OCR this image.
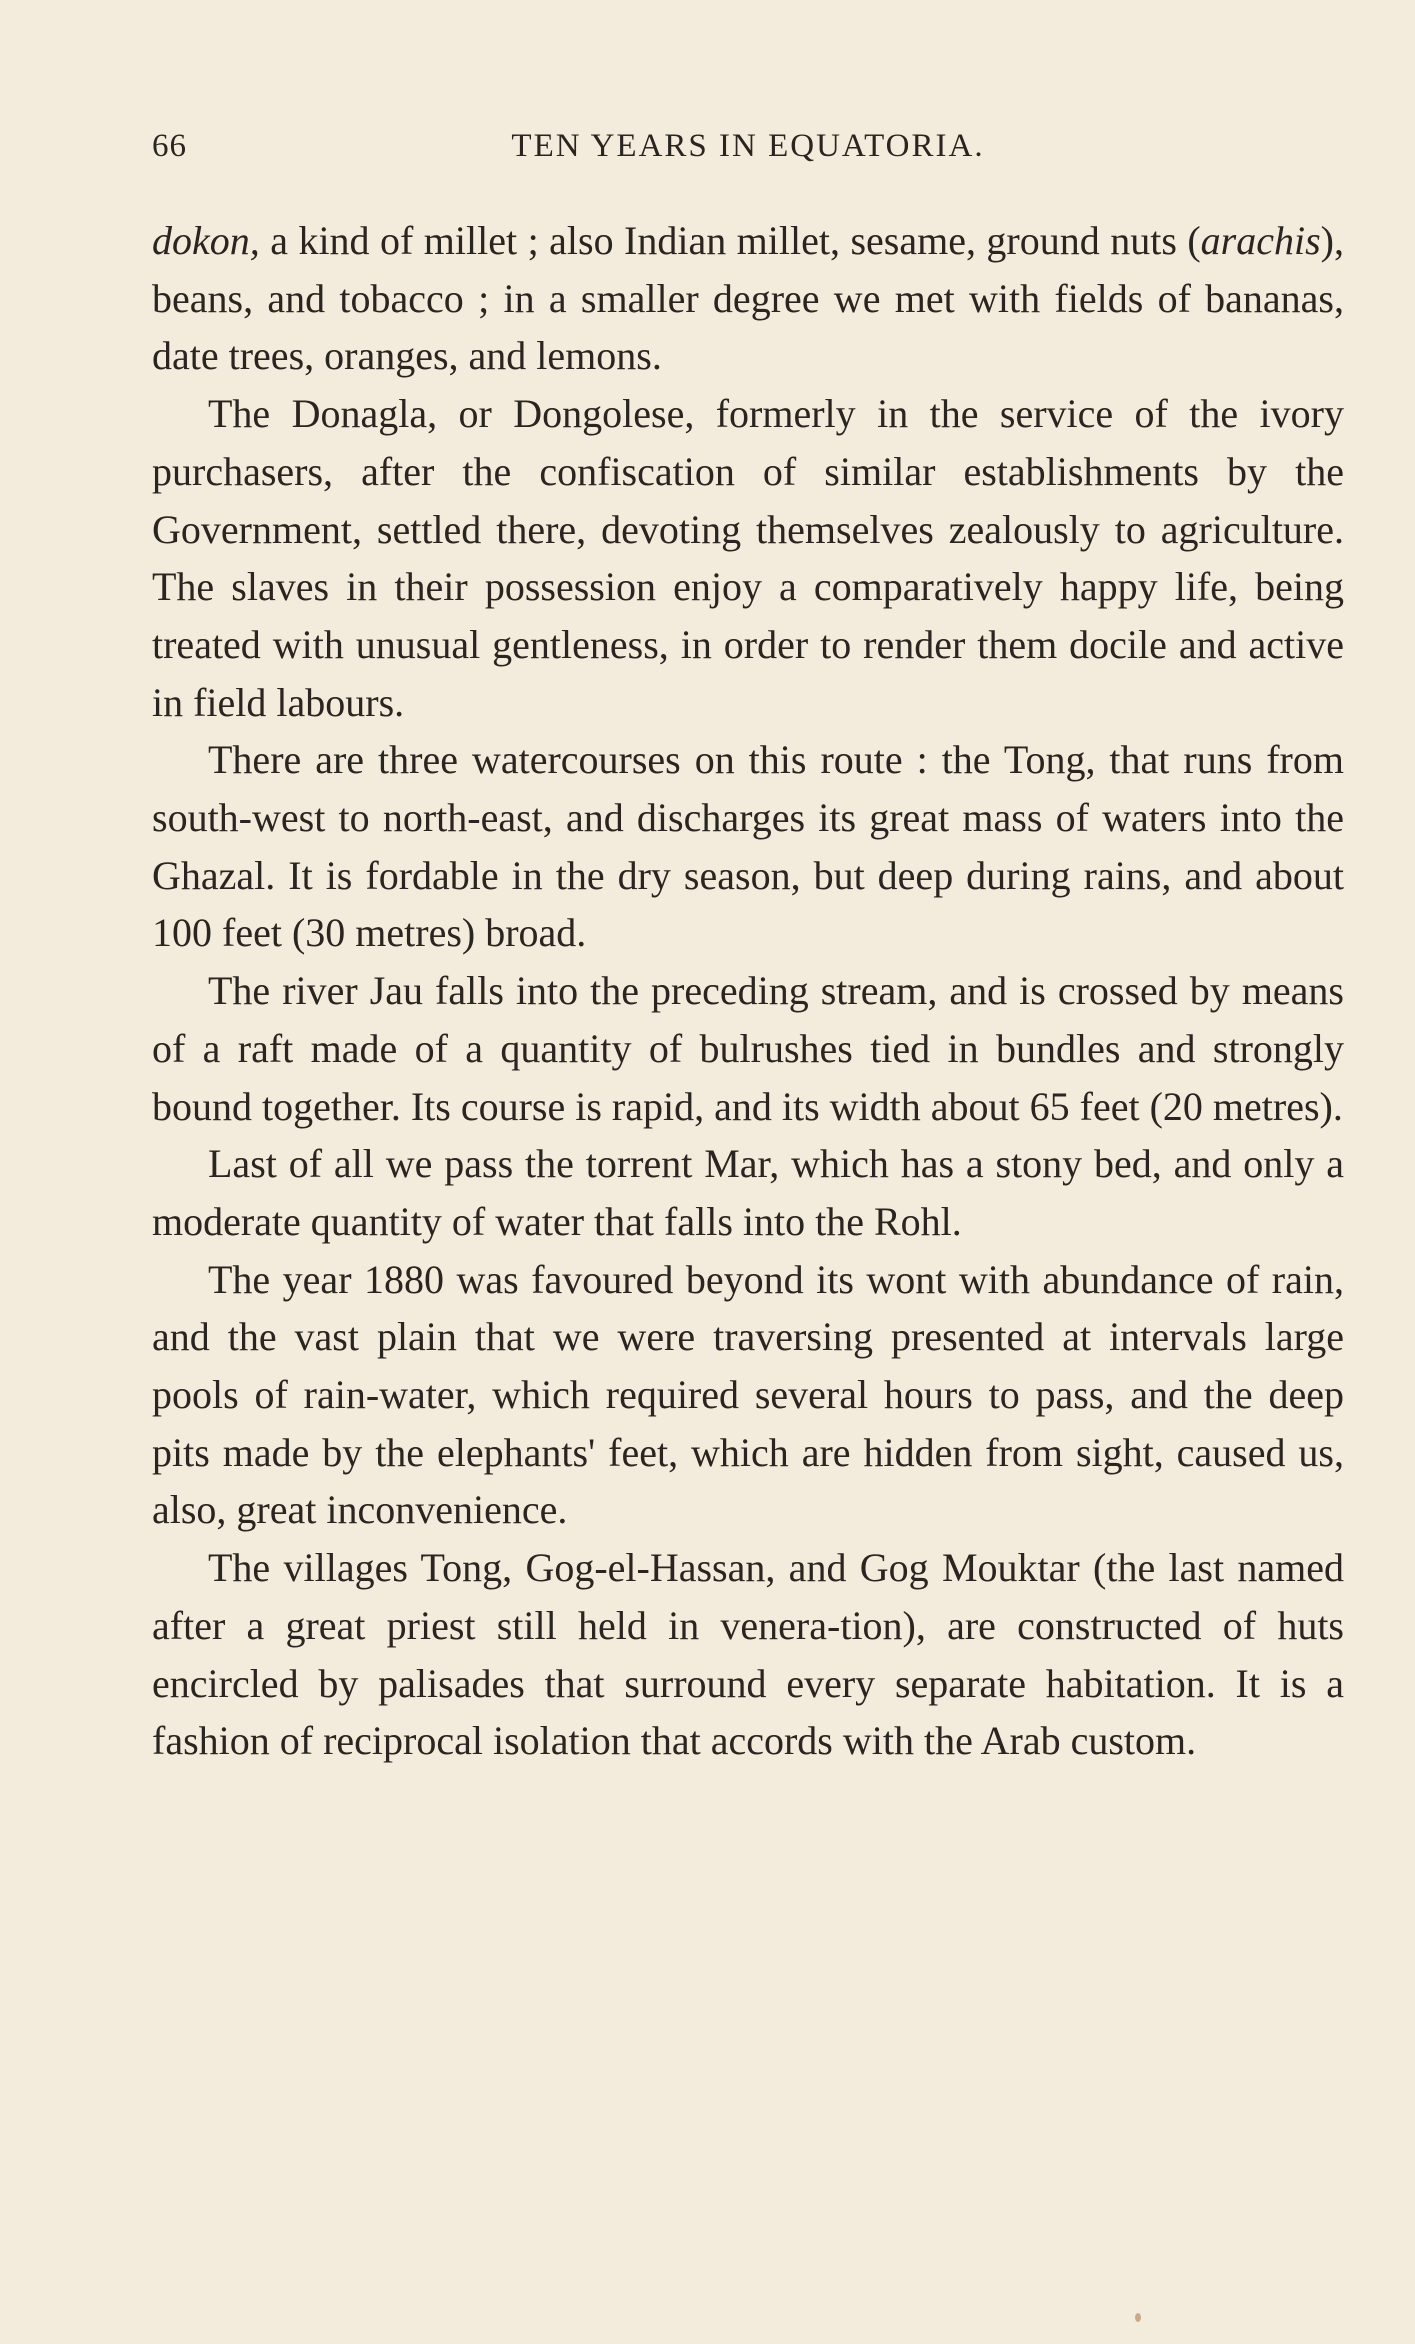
66	TEN YEARS IN EQUATORIA.

dokon, a kind of millet ; also Indian millet, sesame, ground nuts (arachis), beans, and tobacco ; in a smaller degree we met with fields of bananas, date trees, oranges, and lemons.

The Donagla, or Dongolese, formerly in the service of the ivory purchasers, after the confiscation of similar establishments by the Government, settled there, devoting themselves zealously to agriculture. The slaves in their possession enjoy a comparatively happy life, being treated with unusual gentleness, in order to render them docile and active in field labours.

There are three watercourses on this route : the Tong, that runs from south-west to north-east, and discharges its great mass of waters into the Ghazal. It is fordable in the dry season, but deep during rains, and about 100 feet (30 metres) broad.

The river Jau falls into the preceding stream, and is crossed by means of a raft made of a quantity of bulrushes tied in bundles and strongly bound together. Its course is rapid, and its width about 65 feet (20 metres).

Last of all we pass the torrent Mar, which has a stony bed, and only a moderate quantity of water that falls into the Rohl.

The year 1880 was favoured beyond its wont with abundance of rain, and the vast plain that we were traversing presented at intervals large pools of rain-water, which required several hours to pass, and the deep pits made by the elephants' feet, which are hidden from sight, caused us, also, great inconvenience.

The villages Tong, Gog-el-Hassan, and Gog Mouktar (the last named after a great priest still held in venera-tion), are constructed of huts encircled by palisades that surround every separate habitation. It is a fashion of reciprocal isolation that accords with the Arab custom.
